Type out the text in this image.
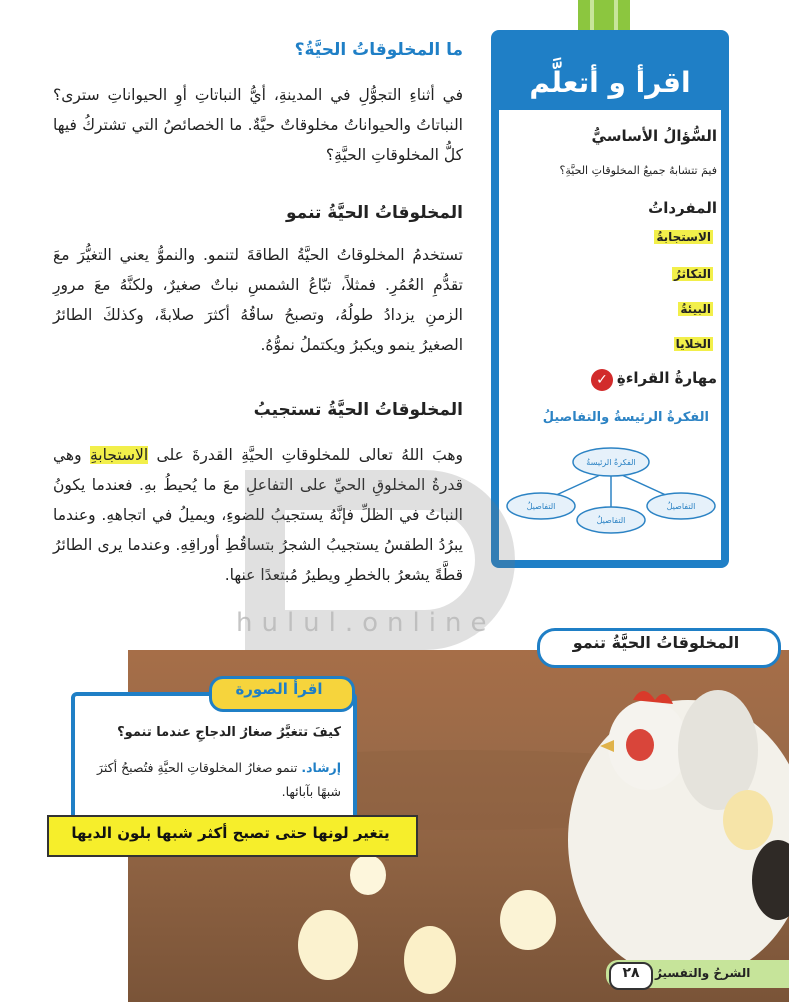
اقرأ و أتعلَّم
السُّؤالُ الأساسيُّ
فيمَ تتشابهُ جميعُ المخلوقاتِ الحيَّةِ؟
المفرداتُ
الاستجابةُ
التكاثرُ
البيئةُ
الخلايا
مهارةُ القراءةِ
✓
الفكرةُ الرئيسةُ والتفاصيلُ
الفكرةُ الرئيسةُ
التفاصيلُ
التفاصيلُ
التفاصيلُ
ما المخلوقاتُ الحيَّةُ؟
في أثناءِ التجوُّلِ في المدينةِ، أيُّ النباتاتِ أوِ الحيواناتِ سترى؟ النباتاتُ والحيواناتُ مخلوقاتٌ حيَّةٌ. ما الخصائصُ التي تشتركُ فيها كلُّ المخلوقاتِ الحيَّةِ؟
المخلوقاتُ الحيَّةُ تنمو
تستخدمُ المخلوقاتُ الحيَّةُ الطاقةَ لتنمو. والنموُّ يعني التغيُّرَ معَ تقدُّمِ العُمُرِ. فمثلاً، تبّاعُ الشمسِ نباتٌ صغيرٌ، ولكنَّهُ معَ مرورِ الزمنِ يزدادُ طولُهُ، وتصبحُ ساقُهُ أكثرَ صلابةً، وكذلكَ الطائرُ الصغيرُ ينمو ويكبرُ ويكتملُ نموُّهُ.
المخلوقاتُ الحيَّةُ تستجيبُ
وهبَ اللهُ تعالى للمخلوقاتِ الحيَّةِ القدرةَ على الاستجابةِ وهي قدرةُ المخلوقِ الحيِّ على التفاعلِ معَ ما يُحيطُ بهِ. فعندما يكونُ النباتُ في الظلِّ فإنَّهُ يستجيبُ للضوءِ، ويميلُ في اتجاههِ. وعندما يبرُدُ الطقسُ يستجيبُ الشجرُ بتساقُطِ أوراقِهِ. وعندما يرى الطائرُ قطَّةً يشعرُ بالخطرِ ويطيرُ مُبتعدًا عنها.
hulul.online
المخلوقاتُ الحيَّةُ تنمو
اقرأ الصورة
كيفَ تتغيَّرُ صغارُ الدجاجِ عندما تنمو؟
إرشاد. تنمو صغارُ المخلوقاتِ الحيَّةِ فتُصبحُ أكثرَ شبهًا بآبائها.
يتغير لونها حتى تصبح أكثر شبها بلون الديها
الشرحُ والتفسيرُ
٢٨
